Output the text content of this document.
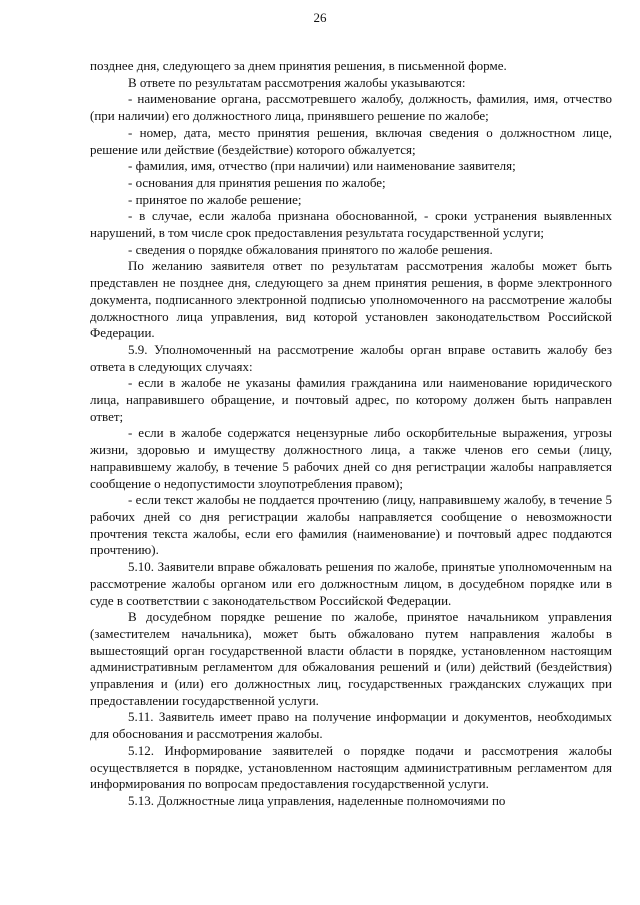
26

позднее дня, следующего за днем принятия решения, в письменной форме.

В ответе по результатам рассмотрения жалобы указываются:

- наименование органа, рассмотревшего жалобу, должность, фамилия, имя, отчество (при наличии) его должностного лица, принявшего решение по жалобе;

- номер, дата, место принятия решения, включая сведения о должностном лице, решение или действие (бездействие) которого обжалуется;

- фамилия, имя, отчество (при наличии) или наименование заявителя;

- основания для принятия решения по жалобе;

- принятое по жалобе решение;

- в случае, если жалоба признана обоснованной, - сроки устранения выявленных нарушений, в том числе срок предоставления результата государственной услуги;

- сведения о порядке обжалования принятого по жалобе решения.

По желанию заявителя ответ по результатам рассмотрения жалобы может быть представлен не позднее дня, следующего за днем принятия решения, в форме электронного документа, подписанного электронной подписью уполномоченного на рассмотрение жалобы должностного лица управления, вид которой установлен законодательством Российской Федерации.

5.9. Уполномоченный на рассмотрение жалобы орган вправе оставить жалобу без ответа в следующих случаях:

- если в жалобе не указаны фамилия гражданина или наименование юридического лица, направившего обращение, и почтовый адрес, по которому должен быть направлен ответ;

- если в жалобе содержатся нецензурные либо оскорбительные выражения, угрозы жизни, здоровью и имуществу должностного лица, а также членов его семьи (лицу, направившему жалобу, в течение 5 рабочих дней со дня регистрации жалобы направляется сообщение о недопустимости злоупотребления правом);

- если текст жалобы не поддается прочтению (лицу, направившему жалобу, в течение 5 рабочих дней со дня регистрации жалобы направляется сообщение о невозможности прочтения текста жалобы, если его фамилия (наименование) и почтовый адрес поддаются прочтению).

5.10. Заявители вправе обжаловать решения по жалобе, принятые уполномоченным на рассмотрение жалобы органом или его должностным лицом, в досудебном порядке или в суде в соответствии с законодательством Российской Федерации.

В досудебном порядке решение по жалобе, принятое начальником управления (заместителем начальника), может быть обжаловано путем направления жалобы в вышестоящий орган государственной власти области в порядке, установленном настоящим административным регламентом для обжалования решений и (или) действий (бездействия) управления и (или) его должностных лиц, государственных гражданских служащих при предоставлении государственной услуги.

5.11. Заявитель имеет право на получение информации и документов, необходимых для обоснования и рассмотрения жалобы.

5.12. Информирование заявителей о порядке подачи и рассмотрения жалобы осуществляется в порядке, установленном настоящим административным регламентом для информирования по вопросам предоставления государственной услуги.

5.13. Должностные лица управления, наделенные полномочиями по
